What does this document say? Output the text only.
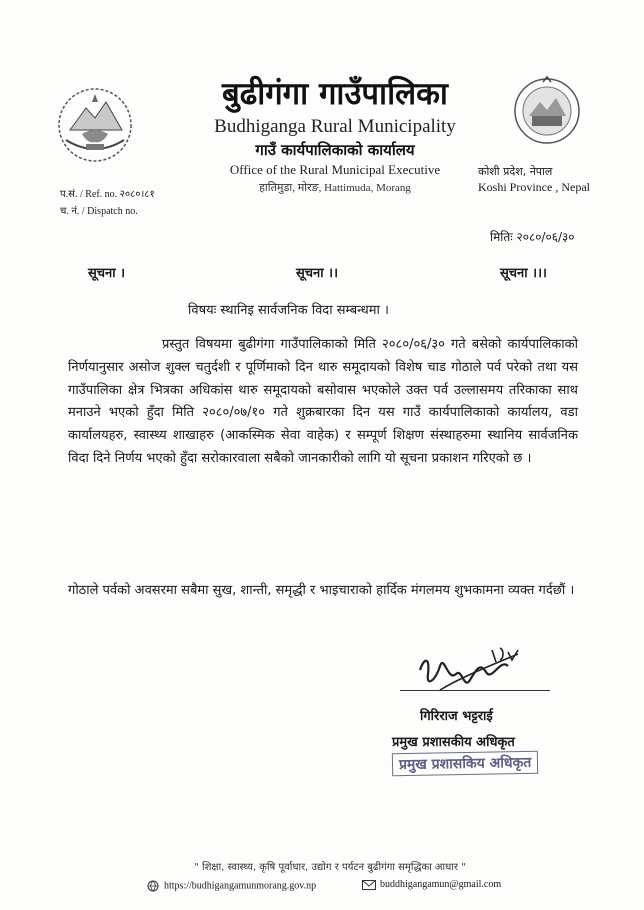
बुढीगंगा गाउँपालिका
Budhiganga Rural Municipality
गाउँ कार्यपालिकाको कार्यालय
Office of the Rural Municipal Executive
हातिमुडा, मोरङ, Hattimuda, Morang
कोशी प्रदेश, नेपाल
Koshi Province , Nepal
प.सं. / Ref. no. २०८०।८१
च. नं. / Dispatch no.
मितिः २०८०/०६/३०
सूचना ।	सूचना ।।	सूचना ।।।
विषयः स्थानिइ सार्वजनिक विदा सम्बन्धमा ।
प्रस्तुत विषयमा बुढीगंगा गाउँपालिकाको मिति २०८०/०६/३० गते बसेको कार्यपालिकाको निर्णयानुसार असोज शुक्ल चतुर्दशी र पूर्णिमाको दिन थारु समूदायको विशेष चाड गोठाले पर्व परेको तथा यस गाउँपालिका क्षेत्र भित्रका अधिकांस थारु समूदायको बसोवास भएकोले उक्त पर्व उल्लासमय तरिकाका साथ मनाउने भएको हुँदा मिति २०८०/०७/१० गते शुक्रबारका दिन यस गाउँ कार्यपालिकाको कार्यालय, वडा कार्यालयहरु, स्वास्थ्य शाखाहरु (आकस्मिक सेवा वाहेक) र सम्पूर्ण शिक्षण संस्थाहरुमा स्थानिय सार्वजनिक विदा दिने निर्णय भएको हुँदा सरोकारवाला सबैको जानकारीको लागि यो सूचना प्रकाशन गरिएको छ ।
गोठाले पर्वको अवसरमा सबैमा सुख, शान्ती, समृद्धी र भाइचाराको हार्दिक मंगलमय शुभकामना व्यक्त गर्दछौं ।
गिरिराज भट्टराई
प्रमुख प्रशासकीय अधिकृत
प्रमुख प्रशासकिय अधिकृत
" शिक्षा, स्वास्थ्य, कृषि पूर्वाधार, उद्योग र पर्यटन बुढीगंगा समृद्धिका आधार "
https://budhigangamunmorang.gov.np	buddhigangamun@gmail.com
